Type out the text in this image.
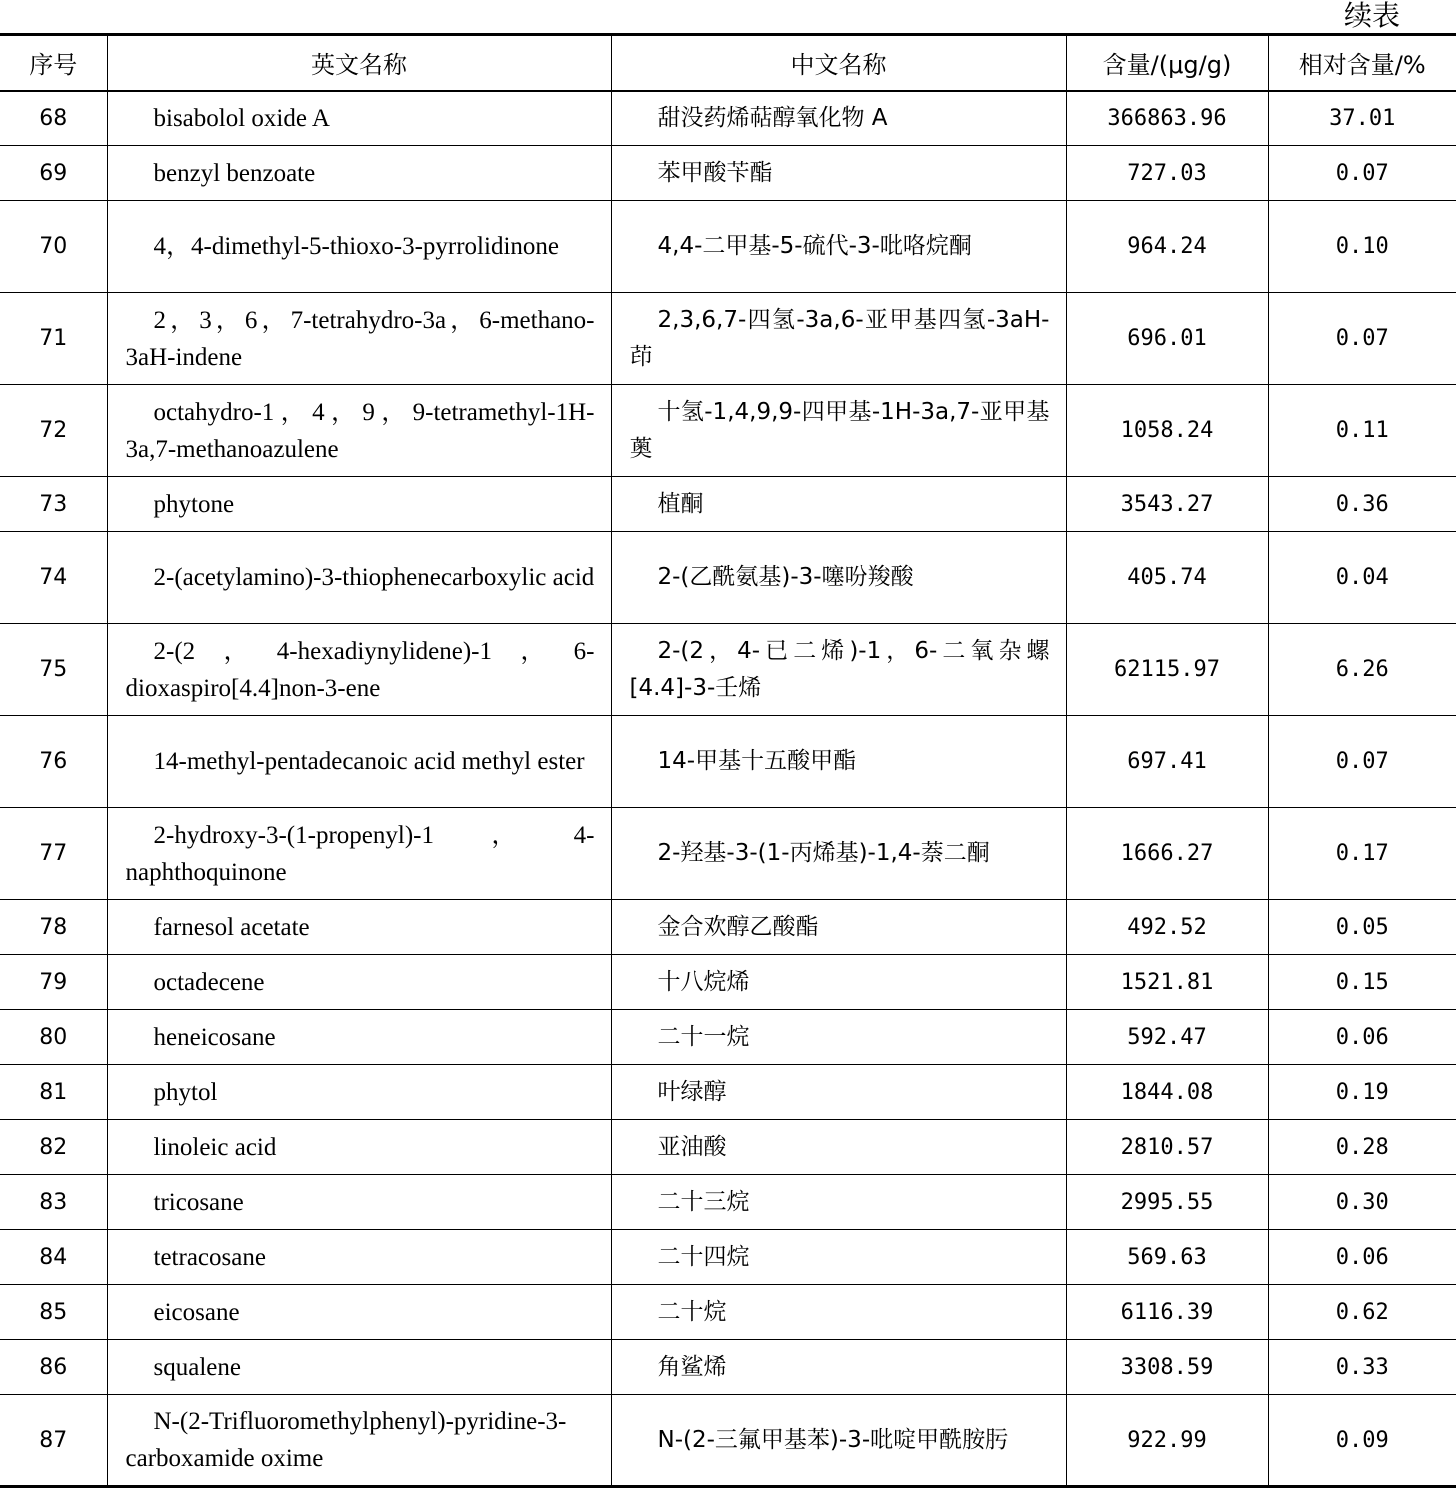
续表
序号	英文名称	中文名称	含量/(μg/g)	相对含量/%
68	bisabolol oxide A	甜没药烯萜醇氧化物 A	366863.96	37.01
69	benzyl benzoate	苯甲酸苄酯	727.03	0.07
70	4，4-dimethyl-5-thioxo-3-pyrrolidinone	4,4-二甲基-5-硫代-3-吡咯烷酮	964.24	0.10
71	2，3，6，7-tetrahydro-3a，6-methano-3aH-indene	2,3,6,7-四氢-3a,6-亚甲基四氢-3aH-茚	696.01	0.07
72	octahydro-1，4，9，9-tetramethyl-1H-3a,7-methanoazulene	十氢-1,4,9,9-四甲基-1H-3a,7-亚甲基薁	1058.24	0.11
73	phytone	植酮	3543.27	0.36
74	2-(acetylamino)-3-thiophenecarboxylic acid	2-(乙酰氨基)-3-噻吩羧酸	405.74	0.04
75	2-(2，4-hexadiynylidene)-1，6-dioxaspiro[4.4]non-3-ene	2-(2，4-已二烯)-1，6-二氧杂螺[4.4]-3-壬烯	62115.97	6.26
76	14-methyl-pentadecanoic acid methyl ester	14-甲基十五酸甲酯	697.41	0.07
77	2-hydroxy-3-(1-propenyl)-1，4-naphthoquinone	2-羟基-3-(1-丙烯基)-1,4-萘二酮	1666.27	0.17
78	farnesol acetate	金合欢醇乙酸酯	492.52	0.05
79	octadecene	十八烷烯	1521.81	0.15
80	heneicosane	二十一烷	592.47	0.06
81	phytol	叶绿醇	1844.08	0.19
82	linoleic acid	亚油酸	2810.57	0.28
83	tricosane	二十三烷	2995.55	0.30
84	tetracosane	二十四烷	569.63	0.06
85	eicosane	二十烷	6116.39	0.62
86	squalene	角鲨烯	3308.59	0.33
87	N-(2-Trifluoromethylphenyl)-pyridine-3-carboxamide oxime	N-(2-三氟甲基苯)-3-吡啶甲酰胺肟	922.99	0.09
